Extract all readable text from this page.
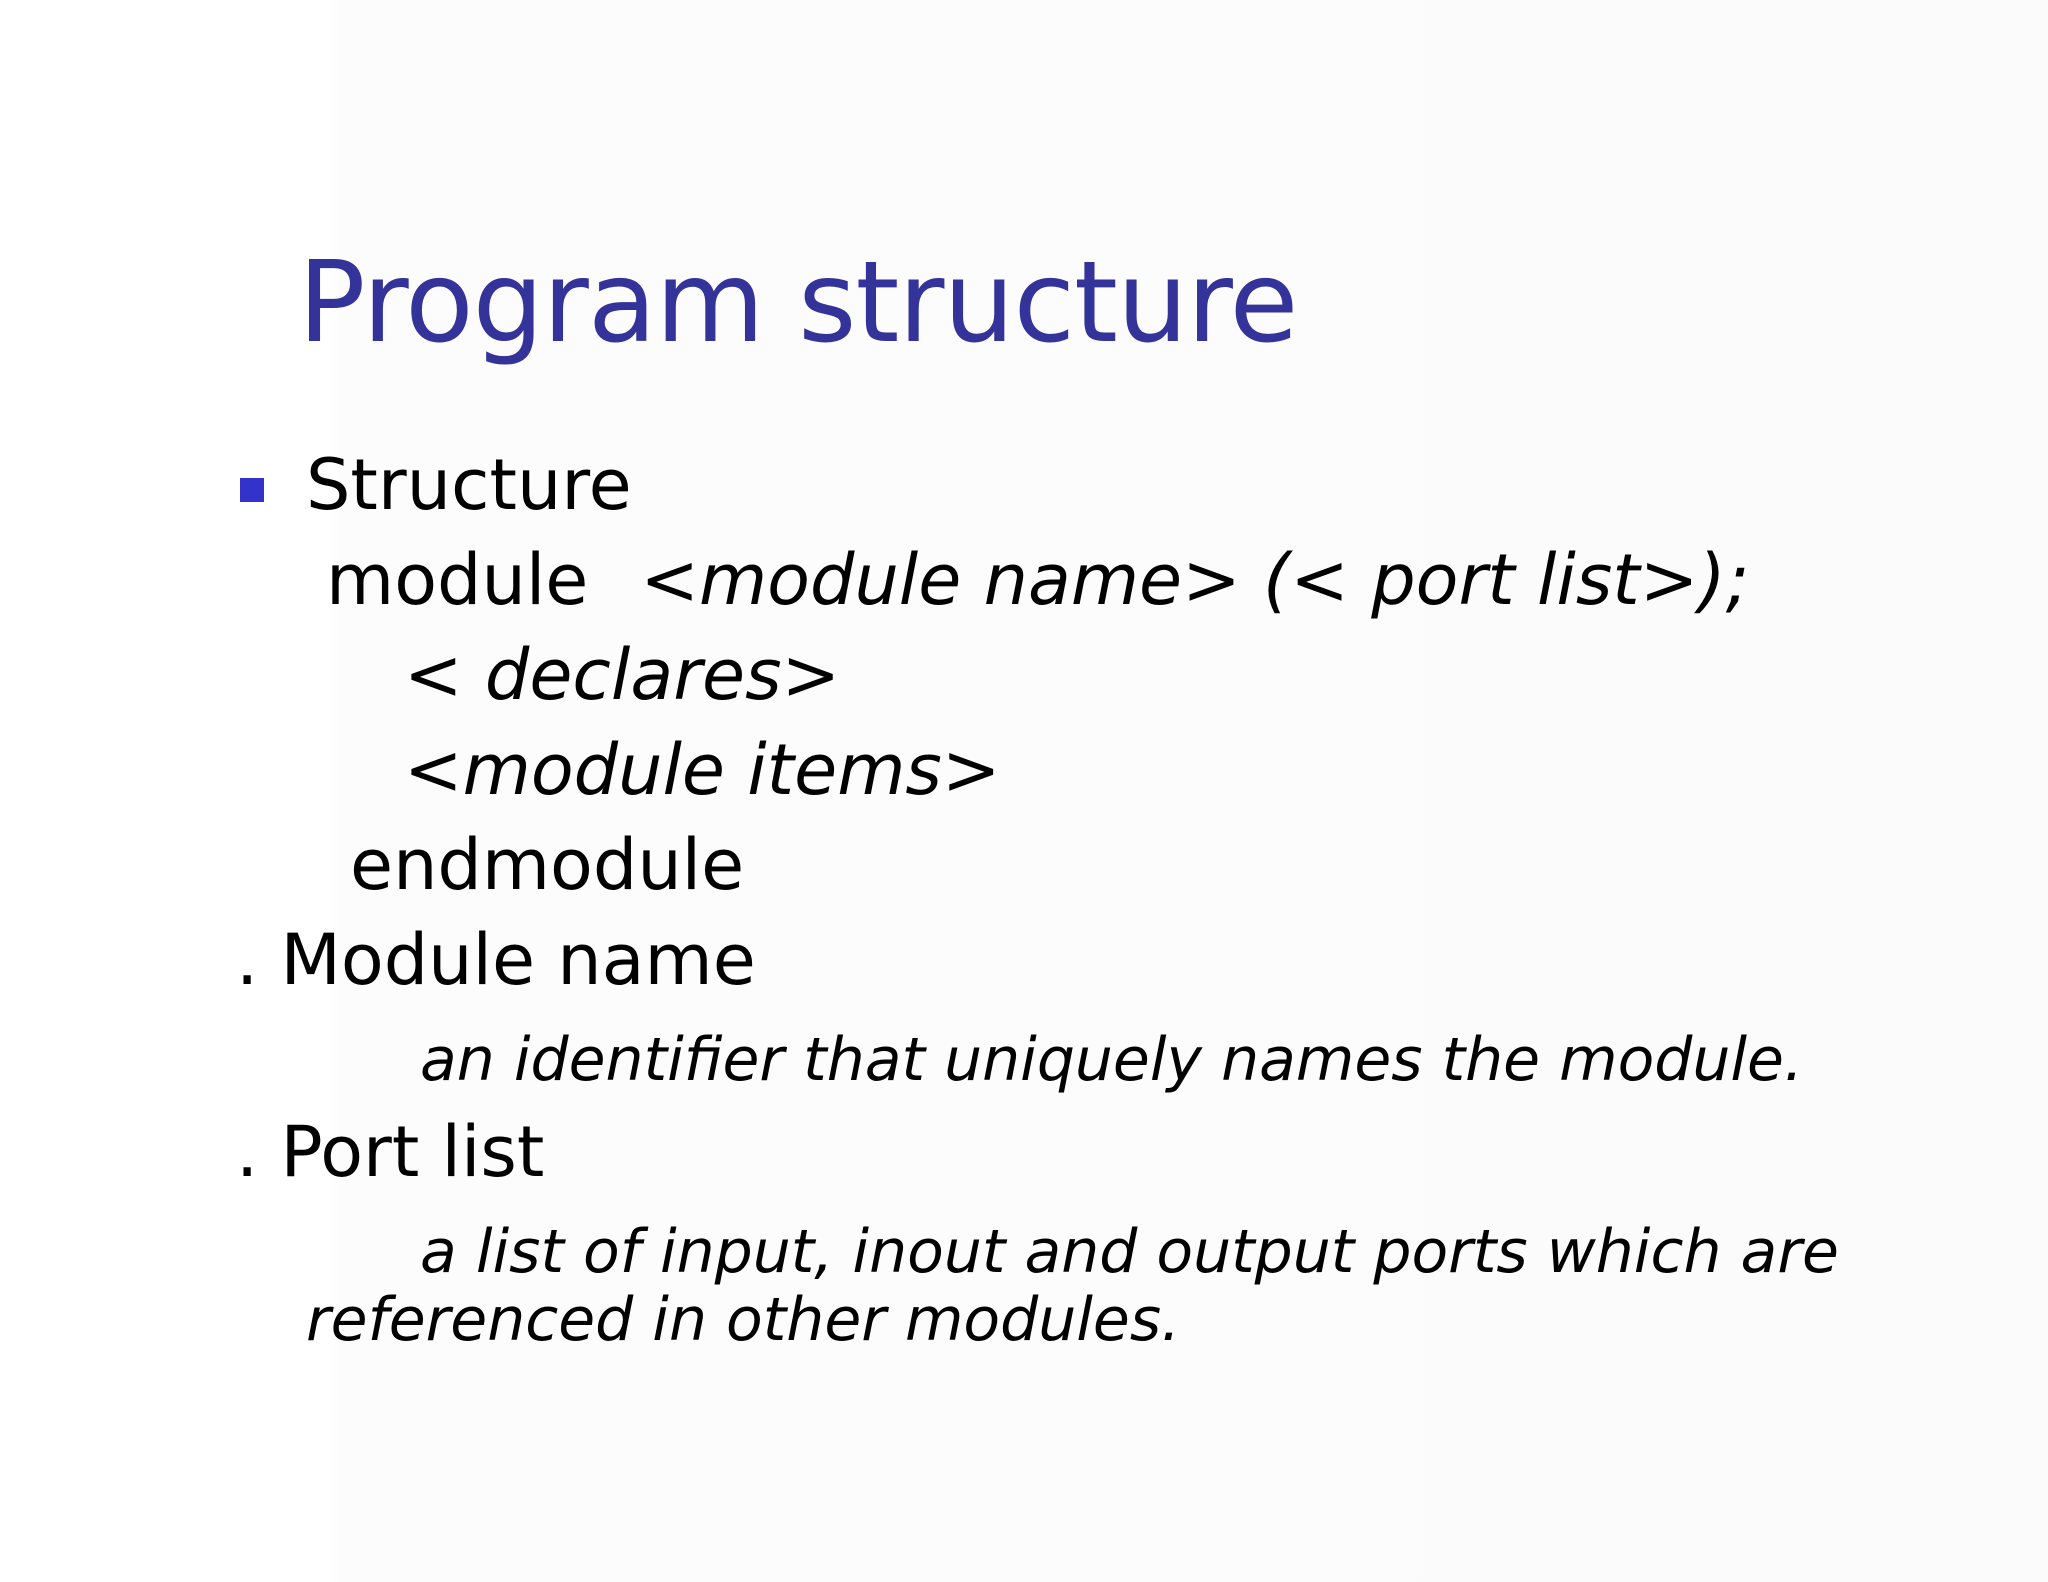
Program structure
Structure
module <module name> (< port list>);
< declares>
<module items>
endmodule
. Module name
an identifier that uniquely names the module.
. Port list
a list of input, inout and output ports which are
referenced in other modules.
